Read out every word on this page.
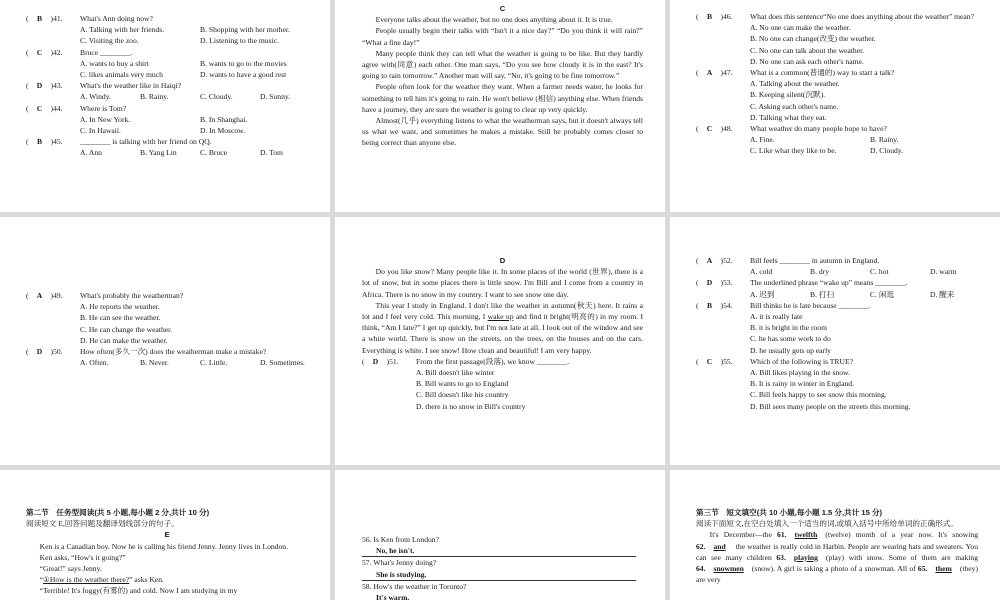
( B )41.	What's Ann doing now?
A. Talking with her friends.	B. Shopping with her mother.
C. Visiting the zoo.	D. Listening to the music.
( C )42.	Bruce ________.
A. wants to buy a shirt	B. wants to go to the movies
C. likes animals very much	D. wants to have a good rest
( D )43.	What's the weather like in Haiqi?
A. Windy.	B. Rainy.	C. Cloudy.	D. Sunny.
( C )44.	Where is Tom?
A. In New York.	B. In Shanghai.
C. In Hawaii.	D. In Moscow.
( B )45.	________ is talking with her friend on QQ.
A. Ann	B. Yang Lin	C. Bruce	D. Tom
C

Everyone talks about the weather, but no one does anything about it. It is true.

People usually begin their talks with “Isn't it a nice day?” “Do you think it will rain?” “What a fine day!”

Many people think they can tell what the weather is going to be like. But they hardly agree with(同意) each other. One man says, “Do you see how cloudy it is in the east? It's going to rain tomorrow.” Another man will say, “No, it's going to be fine tomorrow.”

People often look for the weather they want. When a farmer needs water, he looks for something to tell him it's going to rain. He won't believe (相信) anything else. When friends have a journey, they are sure the weather is going to clear up very quickly.

Almost(几乎) everything listens to what the weatherman says, but it doesn't always tell us what we want, and sometimes he makes a mistake. Still he probably comes closer to being correct than anyone else.

( B )46.	What does this sentence“No one does anything about the weather” mean?
A. No one can make the weather.
B. No one can change(改变) the weather.
C. No one can talk about the weather.
D. No one can ask each other's name.
( A )47.	What is a common(普通的) way to start a talk?
A. Talking about the weather.
B. Keeping silent(沉默).
C. Asking each other's name.
D. Talking what they eat.
( C )48.	What weather do many people hope to have?
A. Fine.	B. Rainy.
C. Like what they like to be.	D. Cloudy.
( A )49.	What's probably the weatherman?
A. He reports the weather.
B. He can see the weather.
C. He can change the weather.
D. He can make the weather.
( D )50.	How often(多久一次) does the weatherman make a mistake?
A. Often.	B. Never.	C. Little.	D. Sometimes.
D

Do you like snow? Many people like it. In some places of the world (世界), there is a lot of snow, but in some places there is little snow. I'm Bill and I come from a country in Africa. There is no snow in my country. I want to see snow one day.

This year I study in England. I don't like the weather in autumn(秋天) here. It rains a lot and I feel very cold. This morning, I wake up and find it bright(明亮的) in my room. I think, “Am I late?” I get up quickly, but I'm not late at all. I look out of the window and see a white world. There is snow on the streets, on the trees, on the houses and on the cars. Everything is white. I see snow! How clean and beautiful! I am very happy.

( D )51.	From the first passage(段落), we know ________.
A. Bill doesn't like winter
B. Bill wants to go to England
C. Bill doesn't like his country
D. there is no snow in Bill's country
( A )52.	Bill feels ________ in autumn in England.
A. cold	B. dry	C. hot	D. warm
( D )53.	The underlined phrase “wake up” means ________.
A. 迟到	B. 打扫	C. 闲逛	D. 醒来
( B )54.	Bill thinks he is late because ________.
A. it is really late
B. it is bright in the room
C. he has some work to do
D. he usually gets up early
( C )55.	Which of the following is TRUE?
A. Bill likes playing in the snow.
B. It is rainy in winter in England.
C. Bill feels happy to see snow this morning.
D. Bill sees many people on the streets this morning.
第二节　任务型阅读(共 5 小题,每小题 2 分,共计 10 分)
阅读短文 E,回答问题及翻译划线部分的句子。
E

Ken is a Canadian boy. Now he is calling his friend Jenny. Jenny lives in London.

Ken asks, “How's it going?”

“Great!” says Jenny.

“①How is the weather there?” asks Ken.

“Terrible! It's foggy(有雾的) and cold. Now I am studying in my

56. Is Ken from London?
No, he isn't.
57. What's Jenny doing?
She is studying.
58. How's the weather in Toronto?
It's warm.
第三节　短文填空(共 10 小题,每小题 1.5 分,共计 15 分)
阅读下面短文,在空白处填入一个适当的词,或填入括号中所给单词的正确形式。

It's December—the 61. twelfth (twelve) month of a year now. It's snowing 62. and the weather is really cold in Harbin. People are wearing hats and sweaters. You can see many children 63. playing (play) with snow. Some of them are making 64. snowmen (snow). A girl is taking a photo of a snowman. All of 65. them (they) are very
